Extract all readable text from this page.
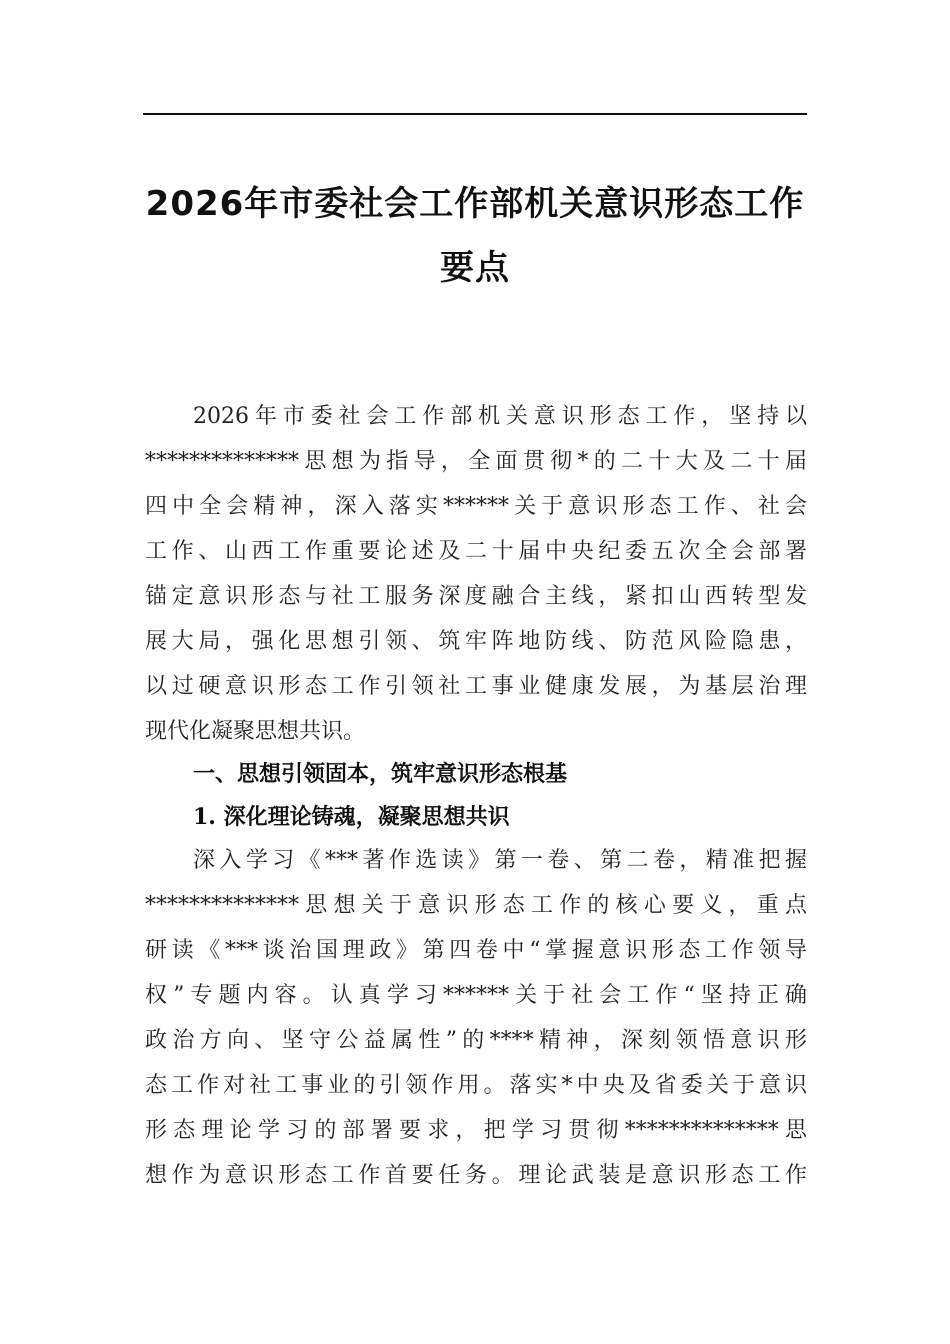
2026年市委社会工作部机关意识形态工作
要点
2026年市委社会工作部机关意识形态工作，坚持以
**************思想为指导，全面贯彻*的二十大及二十届
四中全会精神，深入落实******关于意识形态工作、社会
工作、山西工作重要论述及二十届中央纪委五次全会部署
锚定意识形态与社工服务深度融合主线，紧扣山西转型发
展大局，强化思想引领、筑牢阵地防线、防范风险隐患，
以过硬意识形态工作引领社工事业健康发展，为基层治理
现代化凝聚思想共识。
一、思想引领固本，筑牢意识形态根基
1. 深化理论铸魂，凝聚思想共识
深入学习《***著作选读》第一卷、第二卷，精准把握
**************思想关于意识形态工作的核心要义，重点
研读《***谈治国理政》第四卷中“掌握意识形态工作领导
权”专题内容。认真学习******关于社会工作“坚持正确
政治方向、坚守公益属性”的****精神，深刻领悟意识形
态工作对社工事业的引领作用。落实*中央及省委关于意识
形态理论学习的部署要求，把学习贯彻**************思
想作为意识形态工作首要任务。理论武装是意识形态工作
